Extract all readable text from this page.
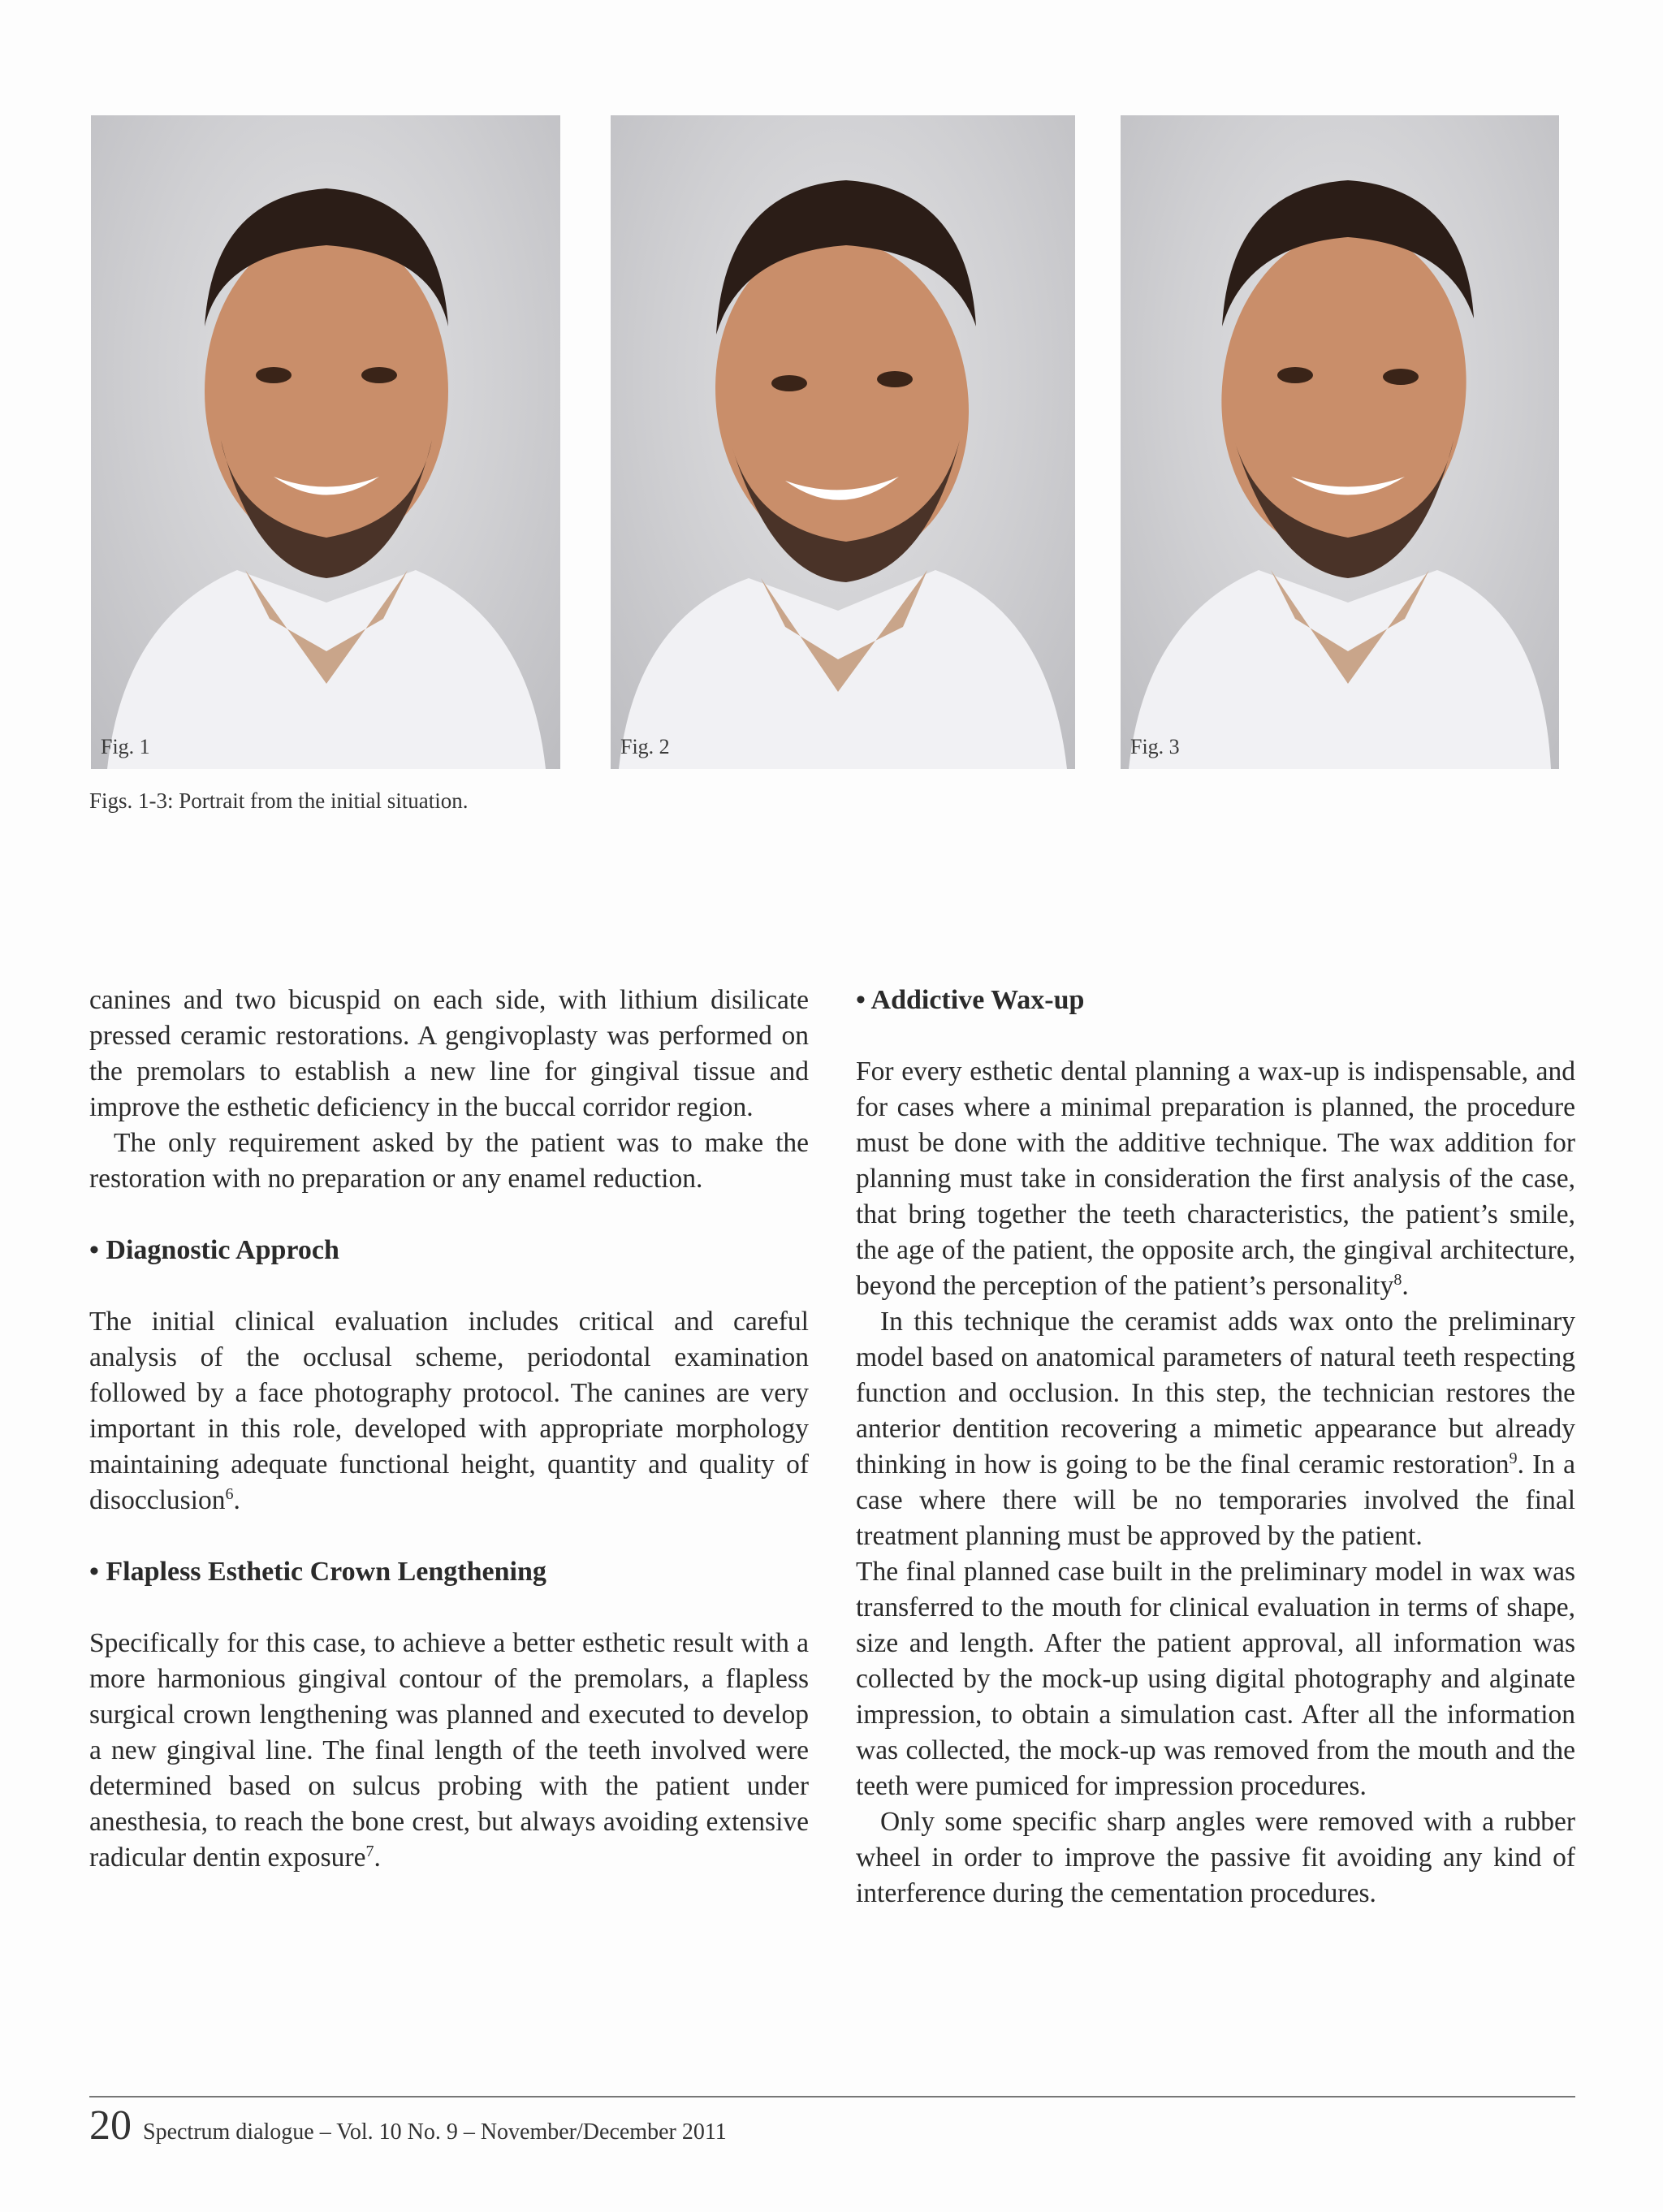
Fig. 1	Fig. 2	Fig. 3
Figs. 1-3: Portrait from the initial situation.

canines and two bicuspid on each side, with lithium disilicate pressed ceramic restorations. A gengivoplasty was performed on the premolars to establish a new line for gingival tissue and improve the esthetic deficiency in the buccal corridor region.

The only requirement asked by the patient was to make the restoration with no preparation or any enamel reduction.

• Diagnostic Approch

The initial clinical evaluation includes critical and careful analysis of the occlusal scheme, periodontal examination followed by a face photography protocol. The canines are very important in this role, developed with appropriate morphology maintaining adequate functional height, quantity and quality of disocclusion$^6$.

• Flapless Esthetic Crown Lengthening

Specifically for this case, to achieve a better esthetic result with a more harmonious gingival contour of the premolars, a flapless surgical crown lengthening was planned and executed to develop a new gingival line. The final length of the teeth involved were determined based on sulcus probing with the patient under anesthesia, to reach the bone crest, but always avoiding extensive radicular dentin exposure$^7$.

• Addictive Wax-up

For every esthetic dental planning a wax-up is indispensable, and for cases where a minimal preparation is planned, the procedure must be done with the additive technique. The wax addition for planning must take in consideration the first analysis of the case, that bring together the teeth characteristics, the patient’s smile, the age of the patient, the opposite arch, the gingival architecture, beyond the perception of the patient’s personality$^8$.

In this technique the ceramist adds wax onto the preliminary model based on anatomical parameters of natural teeth respecting function and occlusion. In this step, the technician restores the anterior dentition recovering a mimetic appearance but already thinking in how is going to be the final ceramic restoration$^9$. In a case where there will be no temporaries involved the final treatment planning must be approved by the patient.

The final planned case built in the preliminary model in wax was transferred to the mouth for clinical evaluation in terms of shape, size and length. After the patient approval, all information was collected by the mock-up using digital photography and alginate impression, to obtain a simulation cast. After all the information was collected, the mock-up was removed from the mouth and the teeth were pumiced for impression procedures.

Only some specific sharp angles were removed with a rubber wheel in order to improve the passive fit avoiding any kind of interference during the cementation procedures.

20 Spectrum dialogue – Vol. 10 No. 9 – November/December 2011
